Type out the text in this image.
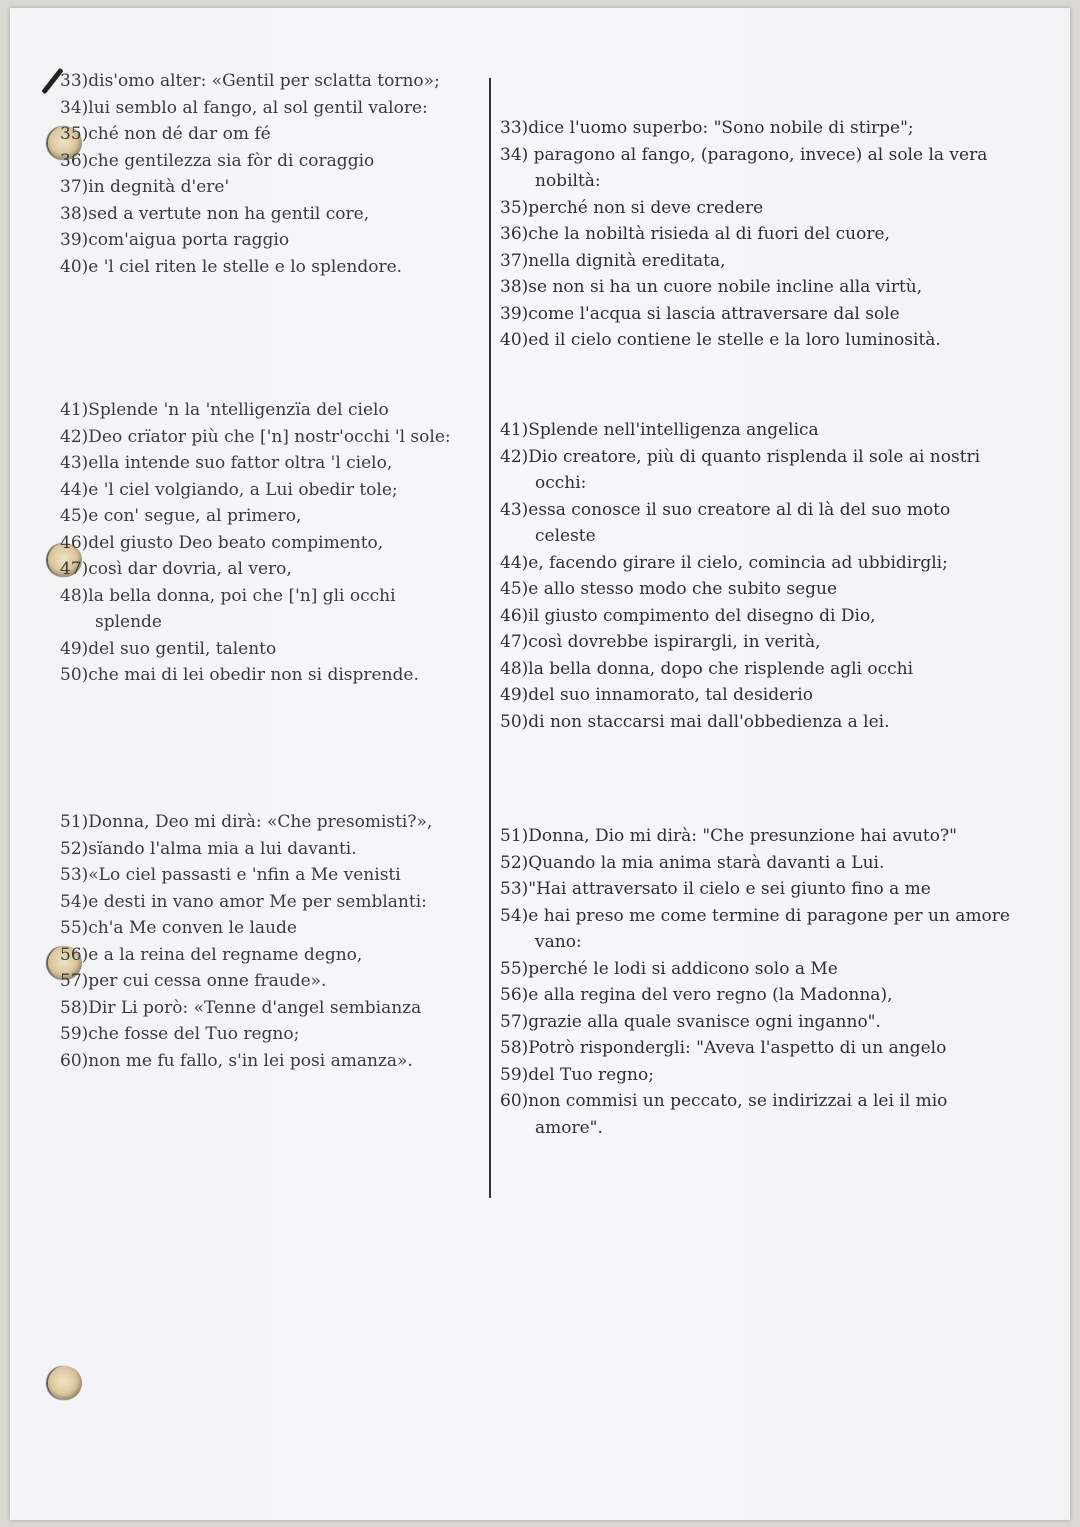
33)dis'omo alter: «Gentil per sclatta torno»;

34)lui semblo al fango, al sol gentil valore:

35)ché non dé dar om fé

36)che gentilezza sia fòr di coraggio

37)in degnità d'ere'

38)sed a vertute non ha gentil core,

39)com'aigua porta raggio

40)e 'l ciel riten le stelle e lo splendore.

41)Splende 'n la 'ntelligenzïa del cielo

42)Deo crïator più che ['n] nostr'occhi 'l sole:

43)ella intende suo fattor oltra 'l cielo,

44)e 'l ciel volgiando, a Lui obedir tole;

45)e con' segue, al primero,

46)del giusto Deo beato compimento,

47)così dar dovria, al vero,

48)la bella donna, poi che ['n] gli occhi splende

49)del suo gentil, talento

50)che mai di lei obedir non si disprende.

51)Donna, Deo mi dirà: «Che presomisti?»,

52)sïando l'alma mia a lui davanti.

53)«Lo ciel passasti e 'nfin a Me venisti

54)e desti in vano amor Me per semblanti:

55)ch'a Me conven le laude

56)e a la reina del regname degno,

57)per cui cessa onne fraude».

58)Dir Li porò: «Tenne d'angel sembianza

59)che fosse del Tuo regno;

60)non me fu fallo, s'in lei posi amanza».

33)dice l'uomo superbo: "Sono nobile di stirpe";

34) paragono al fango, (paragono, invece) al sole la vera nobiltà:

35)perché non si deve credere

36)che la nobiltà risieda al di fuori del cuore,

37)nella dignità ereditata,

38)se non si ha un cuore nobile incline alla virtù,

39)come l'acqua si lascia attraversare dal sole

40)ed il cielo contiene le stelle e la loro luminosità.

41)Splende nell'intelligenza angelica

42)Dio creatore, più di quanto risplenda il sole ai nostri occhi:

43)essa conosce il suo creatore al di là del suo moto celeste

44)e, facendo girare il cielo, comincia ad ubbidirgli;

45)e allo stesso modo che subito segue

46)il giusto compimento del disegno di Dio,

47)così dovrebbe ispirargli, in verità,

48)la bella donna, dopo che risplende agli occhi

49)del suo innamorato, tal desiderio

50)di non staccarsi mai dall'obbedienza a lei.

51)Donna, Dio mi dirà: "Che presunzione hai avuto?"

52)Quando la mia anima starà davanti a Lui.

53)"Hai attraversato il cielo e sei giunto fino a me

54)e hai preso me come termine di paragone per un amore vano:

55)perché le lodi si addicono solo a Me

56)e alla regina del vero regno (la Madonna),

57)grazie alla quale svanisce ogni inganno".

58)Potrò rispondergli: "Aveva l'aspetto di un angelo

59)del Tuo regno;

60)non commisi un peccato, se indirizzai a lei il mio amore".
